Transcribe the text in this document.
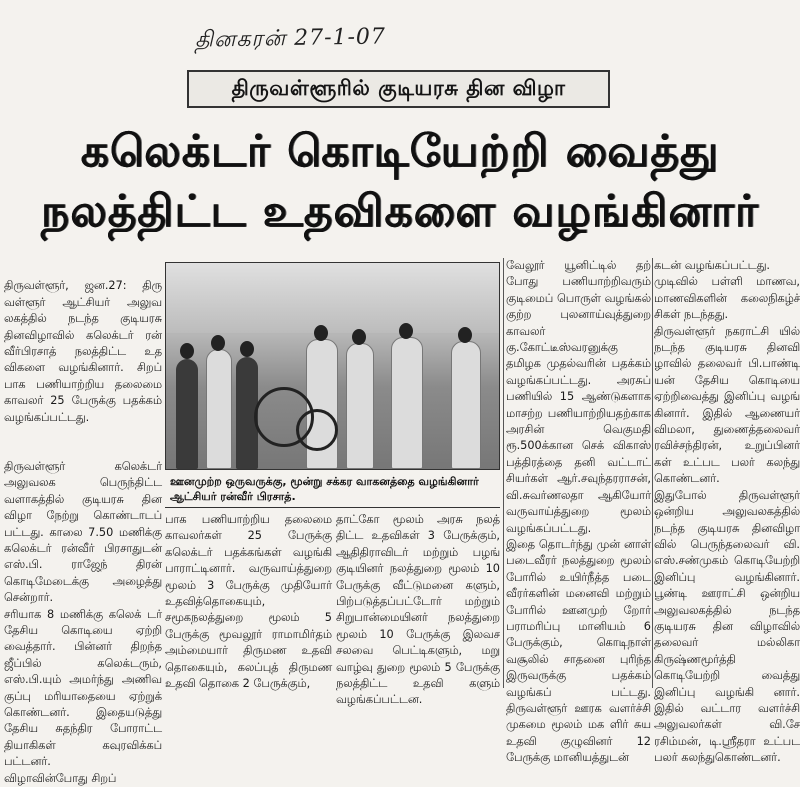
தினகரன் 27-1-07
திருவள்ளூரில் குடியரசு தின விழா
கலெக்டர் கொடியேற்றி வைத்து
நலத்திட்ட உதவிகளை வழங்கினார்

திருவள்ளூர், ஜன.27: திரு வள்ளூர் ஆட்சியர் அலுவ லகத்தில் நடந்த குடியரசு தினவிழாவில் கலெக்டர் ரன் வீர்பிரசாத் நலத்திட்ட உத விகளை வழங்கினார். சிறப் பாக பணியாற்றிய தலைமை காவலர் 25 பேருக்கு பதக்கம் வழங்கப்பட்டது.

திருவள்ளூர் கலெக்டர் அலுவலக பெருந்திட்ட வளாகத்தில் குடியரசு தின விழா நேற்று கொண்டாடப் பட்டது. காலை 7.50 மணிக்கு கலெக்டர் ரன்வீர் பிரசாதுடன் எஸ்.பி. ராஜேந் திரன் கொடிமேடைக்கு அழைத்து சென்றார்.
சரியாக 8 மணிக்கு கலெக் டர் தேசிய கொடியை ஏற்றி வைத்தார். பின்னர் திறந்த ஜீப்பில் கலெக்டரும், எஸ்.பி.யும் அமர்ந்து அணிவ குப்பு மரியாதையை ஏற்றுக் கொண்டனர். இதையடுத்து தேசிய சுதந்திர போராட்ட தியாகிகள் கவுரவிக்கப் பட்டனர்.
விழாவின்போது சிறப்

ஊனமுற்ற ஒருவருக்கு, மூன்று சக்கர வாகனத்தை வழங்கினார் ஆட்சியர் ரன்வீர் பிரசாத்.
பாக பணியாற்றிய தலைமை காவலர்கள் 25 பேருக்கு கலெக்டர் பதக்கங்கள் வழங்கி பாராட்டினார். வருவாய்த்துறை மூலம் 3 பேருக்கு முதியோர் உதவித்தொகையும், சமூகநலத்துறை மூலம் 5 பேருக்கு மூவலூர் ராமாமிர்தம் அம்மையார் திருமண உதவி தொகையும், கலப்புத் திருமண உதவி தொகை 2 பேருக்கும்,
தாட்கோ மூலம் அரசு நலத் திட்ட உதவிகள் 3 பேருக்கும், ஆதிதிராவிடர் மற்றும் பழங் குடியினர் நலத்துறை மூலம் 10 பேருக்கு வீட்டுமனை களும், பிற்படுத்தப்பட்டோர் மற்றும் சிறுபான்மையினர் நலத்துறை மூலம் 10 பேருக்கு இலவச சலவை பெட்டிகளும், மறு வாழ்வு துறை மூலம் 5 பேருக்கு நலத்திட்ட உதவி களும் வழங்கப்பட்டன.
வேலூர் யூனிட்டில் தற் போது பணியாற்றிவரும் குடிமைப் பொருள் வழங்கல் குற்ற புலனாய்வுத்துறை காவலர் கு.கோட்டீஸ்வரனுக்கு தமிழக முதல்வரின் பதக்கம் வழங்கப்பட்டது. அரசுப் பணியில் 15 ஆண்டுகளாக மாசற்ற பணியாற்றியதற்காக அரசின் வெகுமதி ரூ.500க்கான செக் விகாஸ் பத்திரத்தை தனி வட்டாட் சியர்கள் ஆர்.சவுந்தரராசன், வி.சுவர்ணலதா ஆகியோர் வருவாய்த்துறை மூலம் வழங்கப்பட்டது.
இதை தொடர்ந்து முன் னாள் படைவீரர் நலத்துறை மூலம் போரில் உயிர்நீத்த படை வீரர்களின் மனைவி மற்றும் போரில் ஊனமுற் றோர் பராமரிப்பு மானியம் 6 பேருக்கும், கொடிநாள் வசூலில் சாதனை புரிந்த இருவருக்கு பதக்கம் வழங்கப் பட்டது. திருவள்ளூர் ஊரக வளர்ச்சி முகமை மூலம் மக ளிர் சுய உதவி குழுவினர் 12 பேருக்கு மானியத்துடன்
கடன் வழங்கப்பட்டது.
முடிவில் பள்ளி மாணவ, மாணவிகளின் கலைநிகழ்ச் சிகள் நடந்தது.
திருவள்ளூர் நகராட்சி யில் நடந்த குடியரசு தினவி ழாவில் தலைவர் பி.பாண்டி யன் தேசிய கொடியை ஏற்றிவைத்து இனிப்பு வழங் கினார். இதில் ஆணையர் விமலா, துணைத்தலைவர் ரவிச்சந்திரன், உறுப்பினர் கள் உட்பட பலர் கலந்து கொண்டனர்.
இதுபோல் திருவள்ளூர் ஒன்றிய அலுவலகத்தில் நடந்த குடியரசு தினவிழா வில் பெருந்தலைவர் வி. எஸ்.சண்முகம் கொடியேற்றி இனிப்பு வழங்கினார். பூண்டி ஊராட்சி ஒன்றிய அலுவலகத்தில் நடந்த குடியரசு தின விழாவில் தலைவர் மல்லிகா கிருஷ்ணமூர்த்தி கொடியேற்றி வைத்து இனிப்பு வழங்கி னார். இதில் வட்டார வளர்ச்சி அலுவலர்கள் வி.சே ரசிம்மன், டி.ஸ்ரீதரா உட்பட பலர் கலந்துகொண்டனர்.
